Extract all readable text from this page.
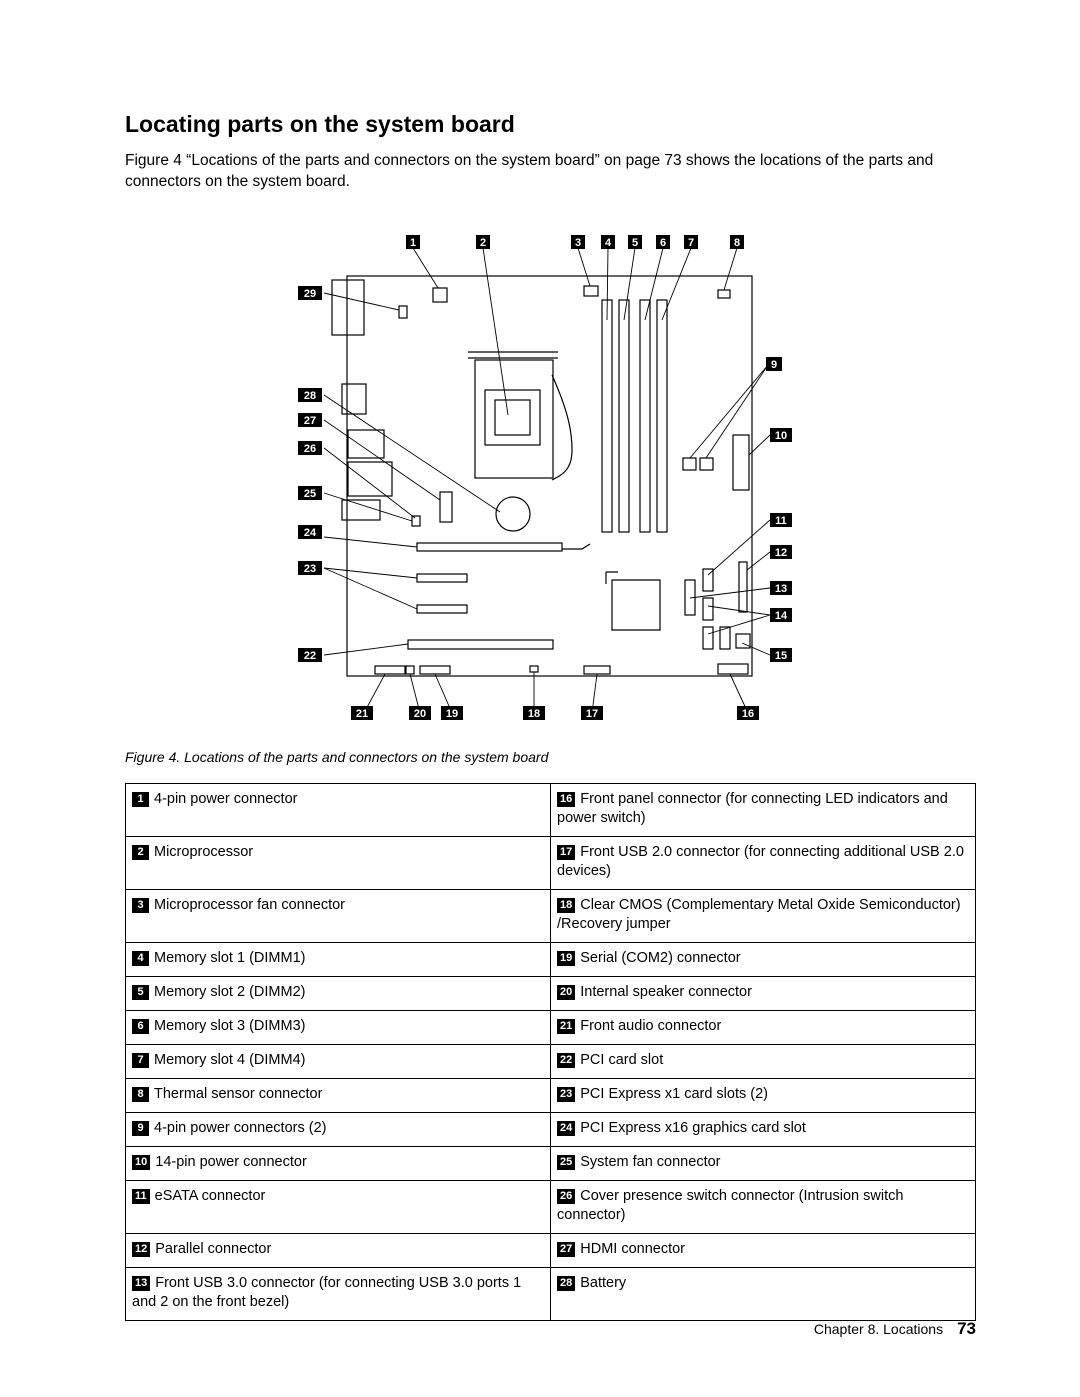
Locating parts on the system board

Figure 4 “Locations of the parts and connectors on the system board” on page 73 shows the locations of the parts and connectors on the system board.

1	2	3 4 5 6 7	8
9
10
11
12
13
14
15
16
17
18
19
20
21
22
23
24
25
26
27
28
29

Figure 4. Locations of the parts and connectors on the system board

1 4-pin power connector	16 Front panel connector (for connecting LED indicators and power switch)
2 Microprocessor	17 Front USB 2.0 connector (for connecting additional USB 2.0 devices)
3 Microprocessor fan connector	18 Clear CMOS (Complementary Metal Oxide Semiconductor) /Recovery jumper
4 Memory slot 1 (DIMM1)	19 Serial (COM2) connector
5 Memory slot 2 (DIMM2)	20 Internal speaker connector
6 Memory slot 3 (DIMM3)	21 Front audio connector
7 Memory slot 4 (DIMM4)	22 PCI card slot
8 Thermal sensor connector	23 PCI Express x1 card slots (2)
9 4-pin power connectors (2)	24 PCI Express x16 graphics card slot
10 14-pin power connector	25 System fan connector
11 eSATA connector	26 Cover presence switch connector (Intrusion switch connector)
12 Parallel connector	27 HDMI connector
13 Front USB 3.0 connector (for connecting USB 3.0 ports 1 and 2 on the front bezel)	28 Battery
Chapter 8. Locations 73
